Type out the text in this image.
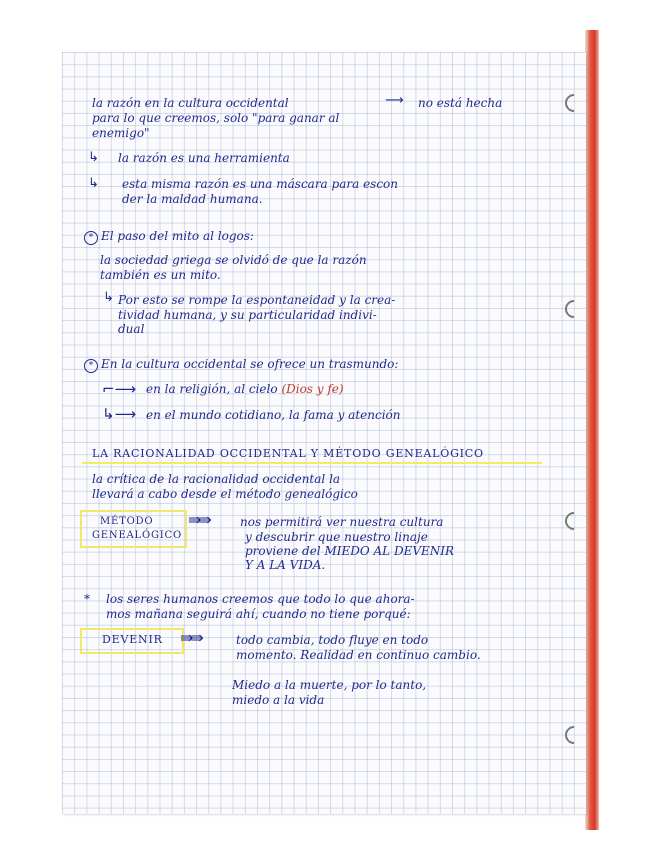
la razón en la cultura occidental	⟶ no está hecha
para lo que creemos, solo "para ganar al
enemigo"
↳ la razón es una herramienta
↳ esta misma razón es una máscara para escon
der la maldad humana.
* El paso del mito al logos:
la sociedad griega se olvidó de que la razón
también es un mito.
↳ Por esto se rompe la espontaneidad y la crea-
tividad humana, y su particularidad indivi-
dual
* En la cultura occidental se ofrece un trasmundo:
⌐⟶ en la religión, al cielo (Dios y fe)
↳⟶ en el mundo cotidiano, la fama y atención
LA RACIONALIDAD OCCIDENTAL Y MÉTODO GENEALÓGICO
la crítica de la racionalidad occidental la
llevará a cabo desde el método genealógico
MÉTODO
GENEALÓGICO
⇛⇛	nos permitirá ver nuestra cultura
y descubrir que nuestro linaje
proviene del MIEDO AL DEVENIR
Y A LA VIDA.
* los seres humanos creemos que todo lo que ahora-
mos mañana seguirá ahí, cuando no tiene porqué:
DEVENIR ⇛⇛	todo cambia, todo fluye en todo
momento. Realidad en continuo cambio.
Miedo a la muerte, por lo tanto,
miedo a la vida
